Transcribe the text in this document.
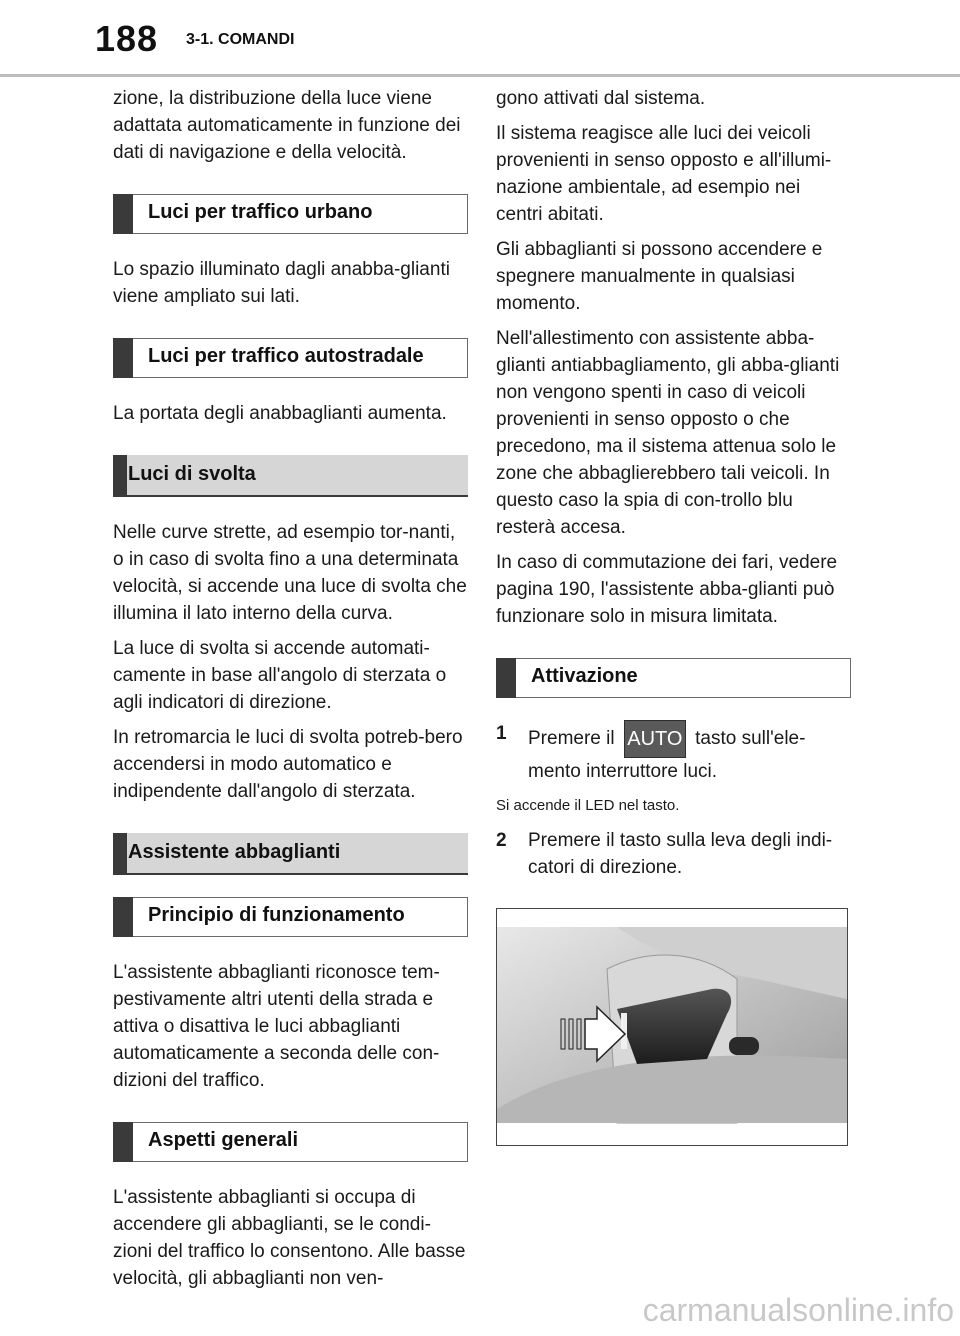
188 3-1. COMANDI

zione, la distribuzione della luce viene adattata automaticamente in funzione dei dati di navigazione e della velocità.

Luci per traffico urbano

Lo spazio illuminato dagli anabba-glianti viene ampliato sui lati.

Luci per traffico autostradale

La portata degli anabbaglianti aumenta.

Luci di svolta

Nelle curve strette, ad esempio tor-nanti, o in caso di svolta fino a una determinata velocità, si accende una luce di svolta che illumina il lato interno della curva.

La luce di svolta si accende automati-camente in base all'angolo di sterzata o agli indicatori di direzione.

In retromarcia le luci di svolta potreb-bero accendersi in modo automatico e indipendente dall'angolo di sterzata.

Assistente abbaglianti
Principio di funzionamento

L'assistente abbaglianti riconosce tem-pestivamente altri utenti della strada e attiva o disattiva le luci abbaglianti automaticamente a seconda delle con-dizioni del traffico.

Aspetti generali

L'assistente abbaglianti si occupa di accendere gli abbaglianti, se le condi-zioni del traffico lo consentono. Alle basse velocità, gli abbaglianti non ven-

gono attivati dal sistema.

Il sistema reagisce alle luci dei veicoli provenienti in senso opposto e all'illumi-nazione ambientale, ad esempio nei centri abitati.

Gli abbaglianti si possono accendere e spegnere manualmente in qualsiasi momento.

Nell'allestimento con assistente abba-glianti antiabbagliamento, gli abba-glianti non vengono spenti in caso di veicoli provenienti in senso opposto o che precedono, ma il sistema attenua solo le zone che abbaglierebbero tali veicoli. In questo caso la spia di con-trollo blu resterà accesa.

In caso di commutazione dei fari, vedere pagina 190, l'assistente abba-glianti può funzionare solo in misura limitata.

Attivazione
1 Premere il AUTO tasto sull'ele-mento interruttore luci.

Si accende il LED nel tasto.

2 Premere il tasto sulla leva degli indi-catori di direzione.
carmanualsonline.info
